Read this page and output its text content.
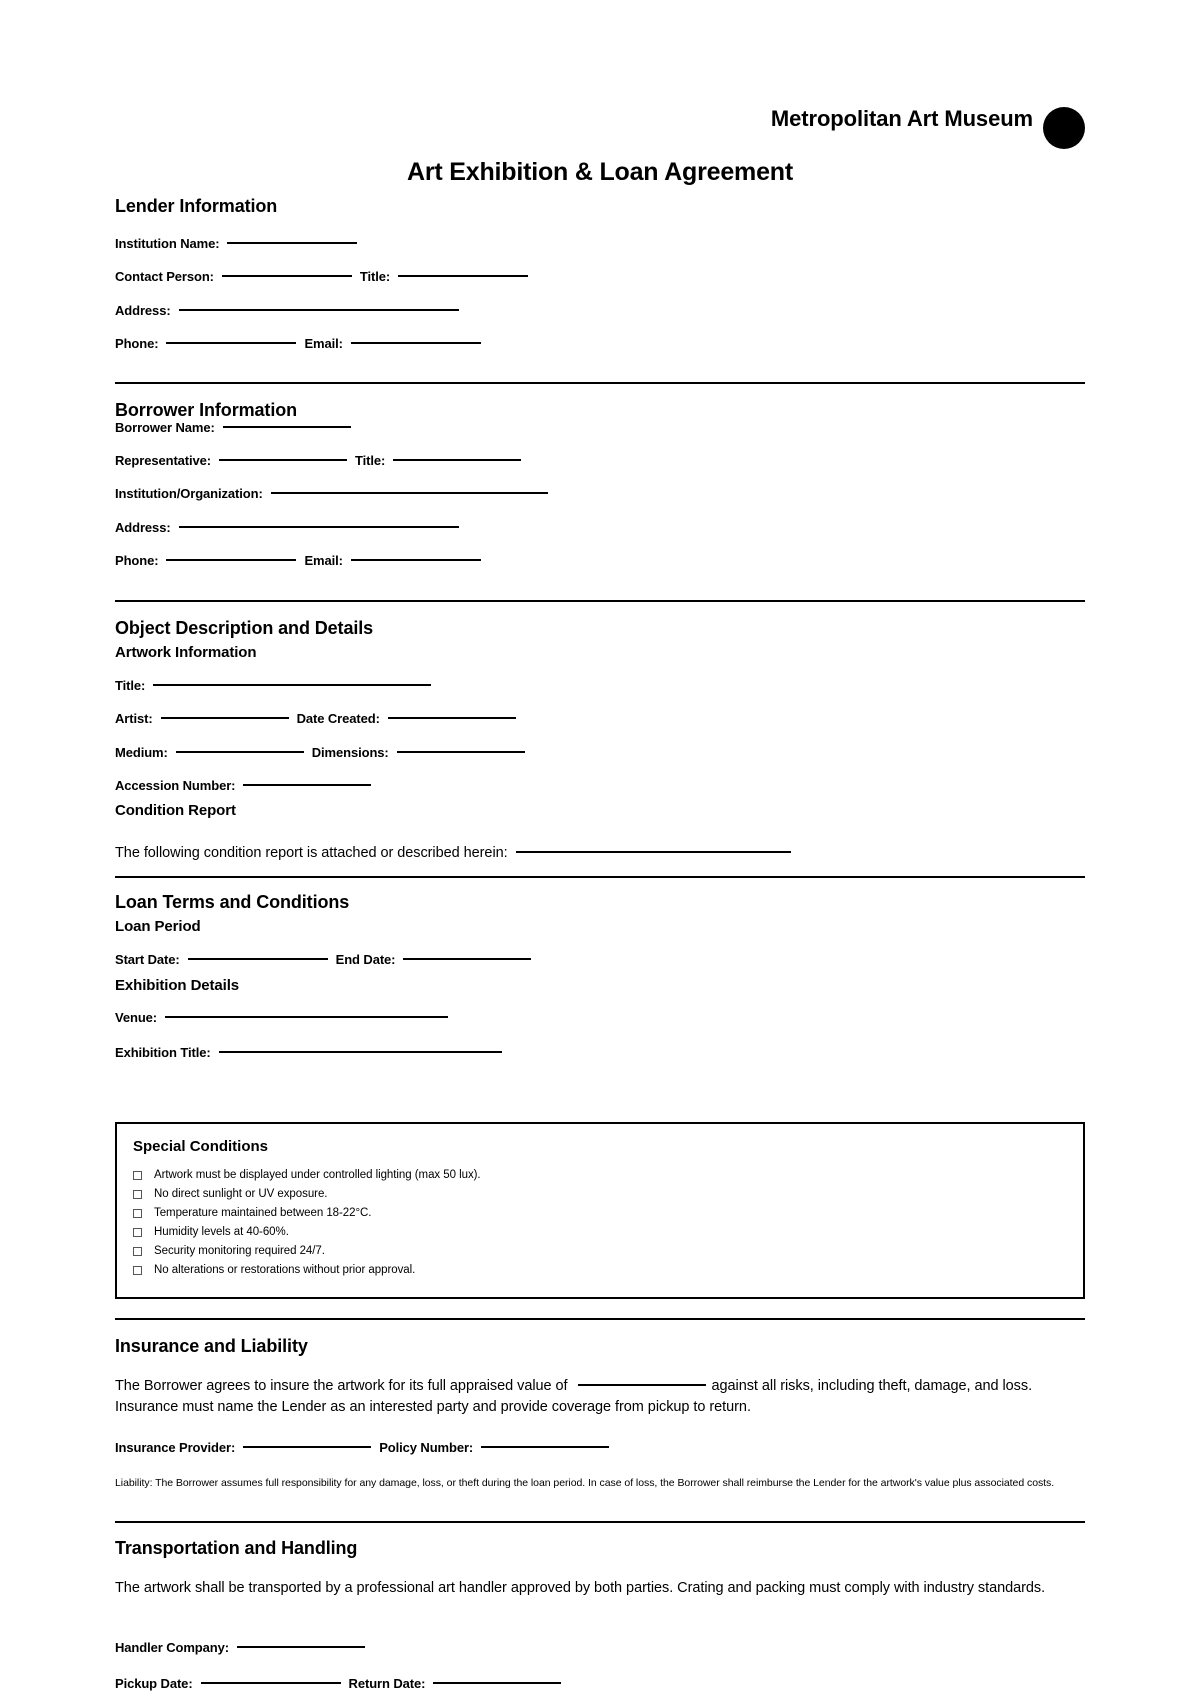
Metropolitan Art Museum
Art Exhibition & Loan Agreement
Lender Information
Institution Name:
Contact Person:	Title:
Address:
Phone:	Email:
Borrower Information
Borrower Name:
Representative:	Title:
Institution/Organization:
Address:
Phone:	Email:
Object Description and Details
Artwork Information
Title:
Artist:	Date Created:
Medium:	Dimensions:
Accession Number:
Condition Report
The following condition report is attached or described herein:
Loan Terms and Conditions
Loan Period
Start Date:	End Date:
Exhibition Details
Venue:
Exhibition Title:
Special Conditions
Artwork must be displayed under controlled lighting (max 50 lux).
No direct sunlight or UV exposure.
Temperature maintained between 18-22°C.
Humidity levels at 40-60%.
Security monitoring required 24/7.
No alterations or restorations without prior approval.
Insurance and Liability

The Borrower agrees to insure the artwork for its full appraised value of	against all risks, including theft, damage, and loss. Insurance must name the Lender as an interested party and provide coverage from pickup to return.

Insurance Provider:	Policy Number:

Liability: The Borrower assumes full responsibility for any damage, loss, or theft during the loan period. In case of loss, the Borrower shall reimburse the Lender for the artwork's value plus associated costs.

Transportation and Handling

The artwork shall be transported by a professional art handler approved by both parties. Crating and packing must comply with industry standards.

Handler Company:
Pickup Date:	Return Date:
